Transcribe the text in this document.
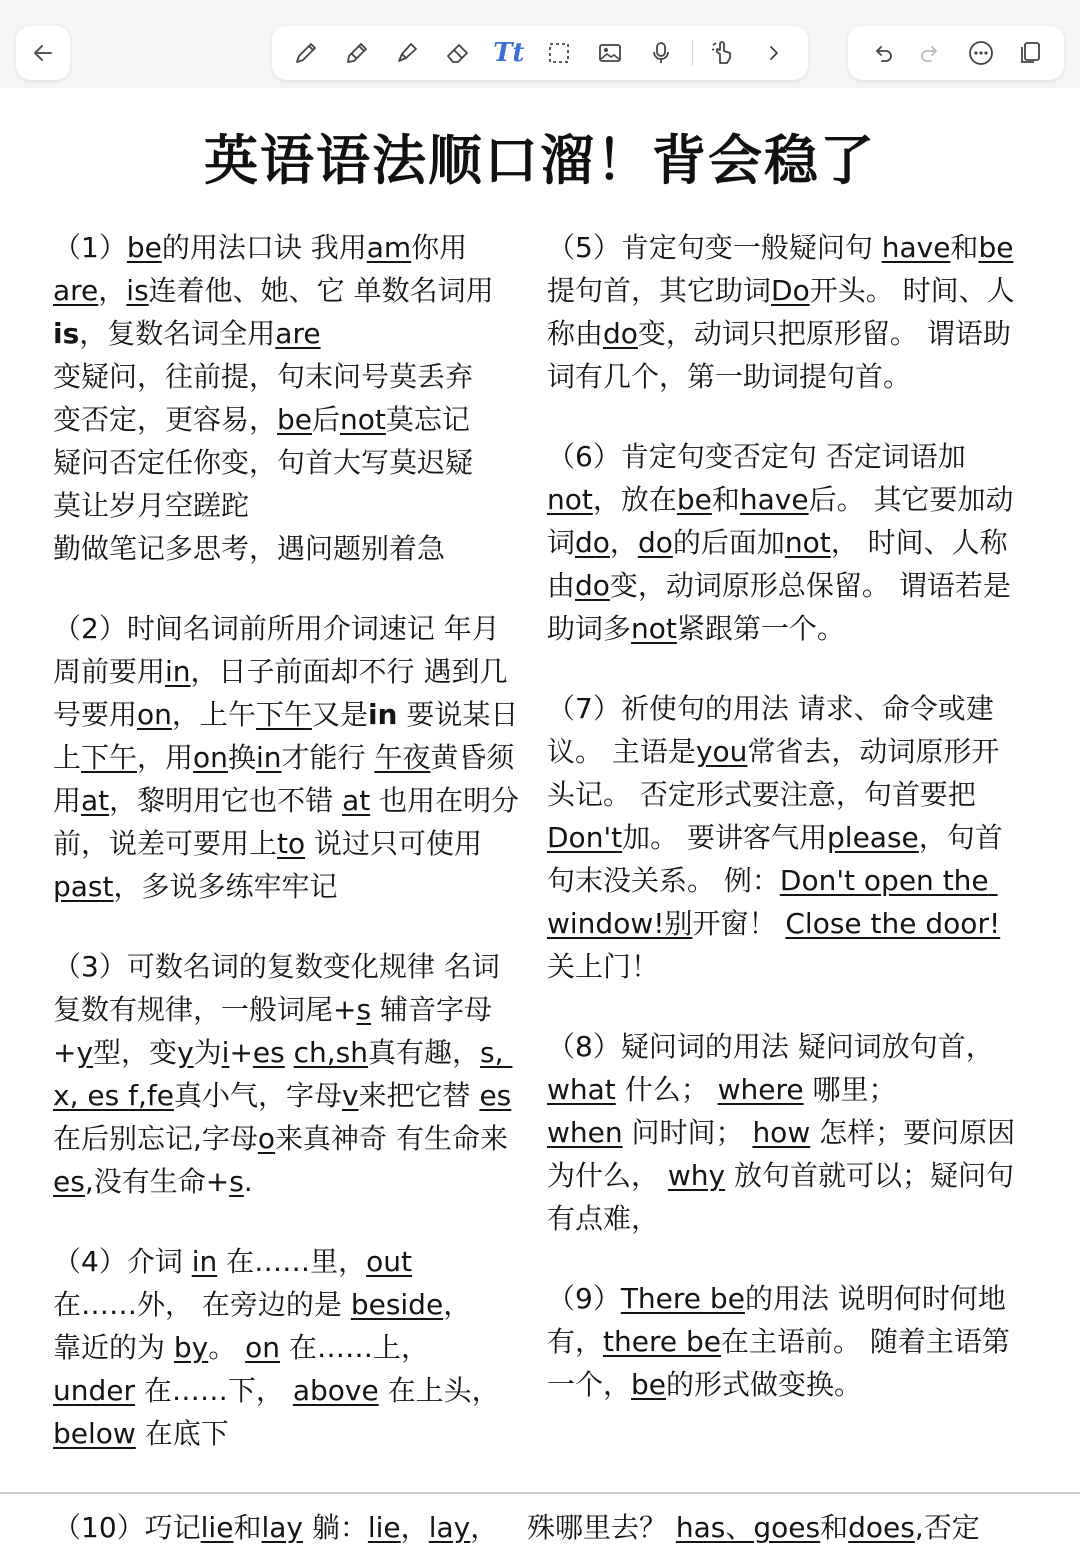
Tt
英语语法顺口溜！背会稳了
（1）be的用法口诀 我用am你用 are，is连着他、她、它 单数名词用is，复数名词全用are
变疑问，往前提，句末问号莫丢弃
变否定，更容易，be后not莫忘记
疑问否定任你变，句首大写莫迟疑
莫让岁月空蹉跎
勤做笔记多思考，遇问题别着急
（2）时间名词前所用介词速记 年月周前要用in，日子前面却不行 遇到几号要用on，上午下午又是in 要说某日上下午，用on换in才能行 午夜黄昏须用at，黎明用它也不错 at 也用在明分前，说差可要用上to 说过只可使用past，多说多练牢牢记
（3）可数名词的复数变化规律 名词复数有规律，一般词尾+s 辅音字母+y型，变y为i+es ch,sh真有趣，s, x, es f,fe真小气，字母v来把它替 es在后别忘记,字母o来真神奇 有生命来es,没有生命+s.
（4）介词 in 在……里，out
在……外， 在旁边的是 beside，
靠近的为 by。 on 在……上，
under 在……下， above 在上头，
below 在底下
（5）肯定句变一般疑问句 have和be提句首，其它助词Do开头。 时间、人称由do变，动词只把原形留。 谓语助词有几个，第一助词提句首。
（6）肯定句变否定句 否定词语加not，放在be和have后。 其它要加动词do，do的后面加not， 时间、人称由do变，动词原形总保留。 谓语若是助词多not紧跟第一个。
（7）祈使句的用法 请求、命令或建议。 主语是you常省去，动词原形开头记。 否定形式要注意，句首要把Don't加。 要讲客气用please，句首句末没关系。 例：Don't open the window!别开窗！ Close the door! 关上门！
（8）疑问词的用法 疑问词放句首，what 什么； where 哪里；
when 问时间； how 怎样；要问原因为什么， why 放句首就可以；疑问句有点难，
（9）There be的用法 说明何时何地有，there be在主语前。 随着主语第一个，be的形式做变换。
（10）巧记lie和lay 躺：lie，lay， 殊哪里去？ has、goes和does,否定
